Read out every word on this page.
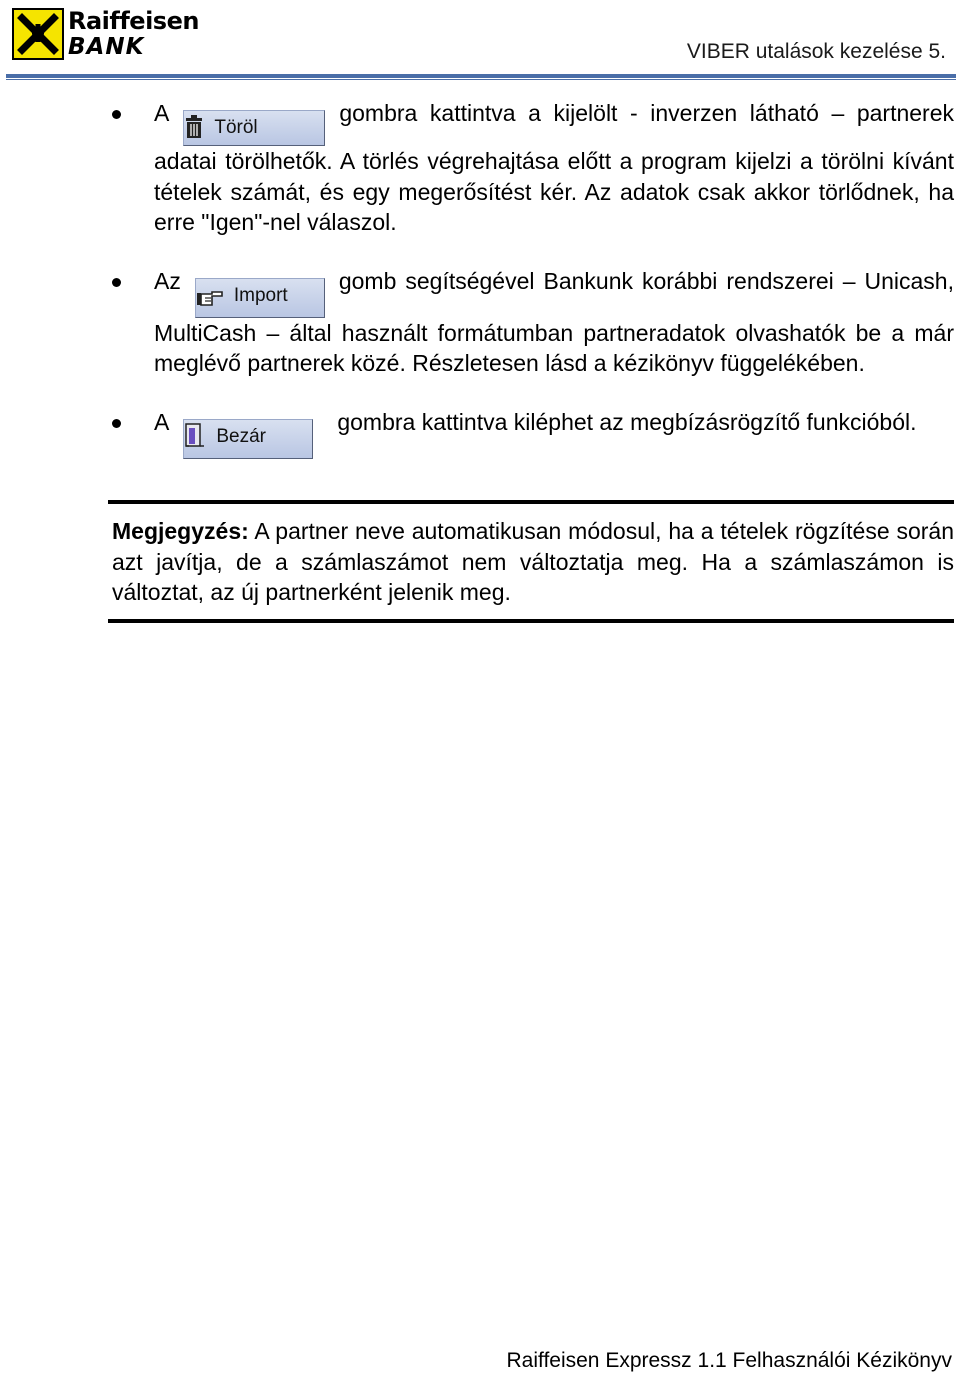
Raiffeisen
BANK	VIBER utalások kezelése 5.
ATörölgombra kattintva a kijelölt - inverzen látható – partnerek adatai törölhetők. A törlés végrehajtása előtt a program kijelzi a törölni kívánt tételek számát, és egy megerősítést kér. Az adatok csak akkor törlődnek, ha erre "Igen"-nel válaszol.
AzImportgomb segítségével Bankunk korábbi rendszerei – Unicash, MultiCash – által használt formátumban partneradatok olvashatók be a már meglévő partnerek közé. Részletesen lásd a kézikönyv függelékében.
ABezárgombra kattintva kiléphet az megbízásrögzítő funkcióból.
Megjegyzés: A partner neve automatikusan módosul, ha a tételek rögzítése során azt javítja, de a számlaszámot nem változtatja meg. Ha a számlaszámon is változtat, az új partnerként jelenik meg.
Raiffeisen Expressz 1.1 Felhasználói Kézikönyv
